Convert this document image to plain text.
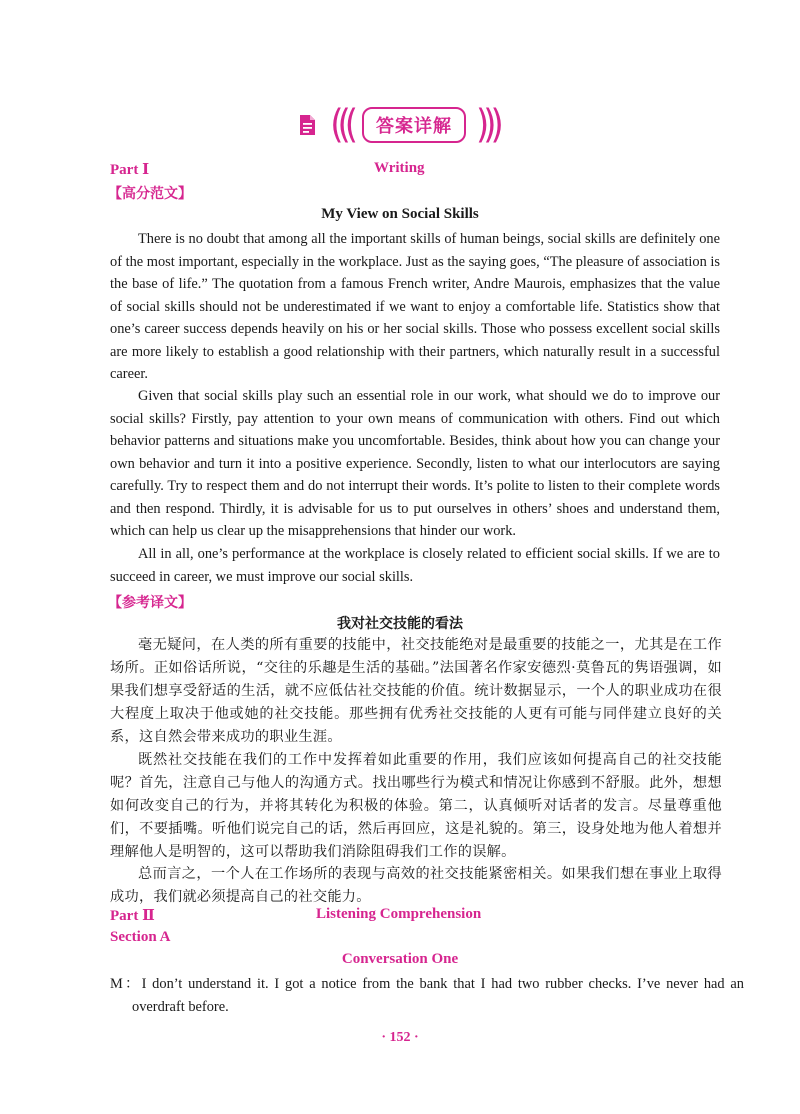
(((	答案详解 )))
Part Ⅰ	Writing
【高分范文】
My View on Social Skills

There is no doubt that among all the important skills of human beings, social skills are definitely one of the most important, especially in the workplace. Just as the saying goes, “The pleasure of association is the base of life.” The quotation from a famous French writer, Andre Maurois, emphasizes that the value of social skills should not be underestimated if we want to enjoy a comfortable life. Statistics show that one’s career success depends heavily on his or her social skills. Those who possess excellent social skills are more likely to establish a good relationship with their partners, which naturally result in a successful career.

Given that social skills play such an essential role in our work, what should we do to improve our social skills? Firstly, pay attention to your own means of communication with others. Find out which behavior patterns and situations make you uncomfortable. Besides, think about how you can change your own behavior and turn it into a positive experience. Secondly, listen to what our interlocutors are saying carefully. Try to respect them and do not interrupt their words. It’s polite to listen to their complete words and then respond. Thirdly, it is advisable for us to put ourselves in others’ shoes and understand them, which can help us clear up the misapprehensions that hinder our work.

All in all, one’s performance at the workplace is closely related to efficient social skills. If we are to succeed in career, we must improve our social skills.

【参考译文】
我对社交技能的看法

毫无疑问，在人类的所有重要的技能中，社交技能绝对是最重要的技能之一，尤其是在工作场所。正如俗话所说，“交往的乐趣是生活的基础。”法国著名作家安德烈·莫鲁瓦的隽语强调，如果我们想享受舒适的生活，就不应低估社交技能的价值。统计数据显示，一个人的职业成功在很大程度上取决于他或她的社交技能。那些拥有优秀社交技能的人更有可能与同伴建立良好的关系，这自然会带来成功的职业生涯。

既然社交技能在我们的工作中发挥着如此重要的作用，我们应该如何提高自己的社交技能呢？首先，注意自己与他人的沟通方式。找出哪些行为模式和情况让你感到不舒服。此外，想想如何改变自己的行为，并将其转化为积极的体验。第二，认真倾听对话者的发言。尽量尊重他们，不要插嘴。听他们说完自己的话，然后再回应，这是礼貌的。第三，设身处地为他人着想并理解他人是明智的，这可以帮助我们消除阻碍我们工作的误解。

总而言之，一个人在工作场所的表现与高效的社交技能紧密相关。如果我们想在事业上取得成功，我们就必须提高自己的社交能力。

Part Ⅱ	Listening Comprehension
Section A
Conversation One

M：I don’t understand it. I got a notice from the bank that I had two rubber checks. I’ve never had an overdraft before.

· 152 ·
